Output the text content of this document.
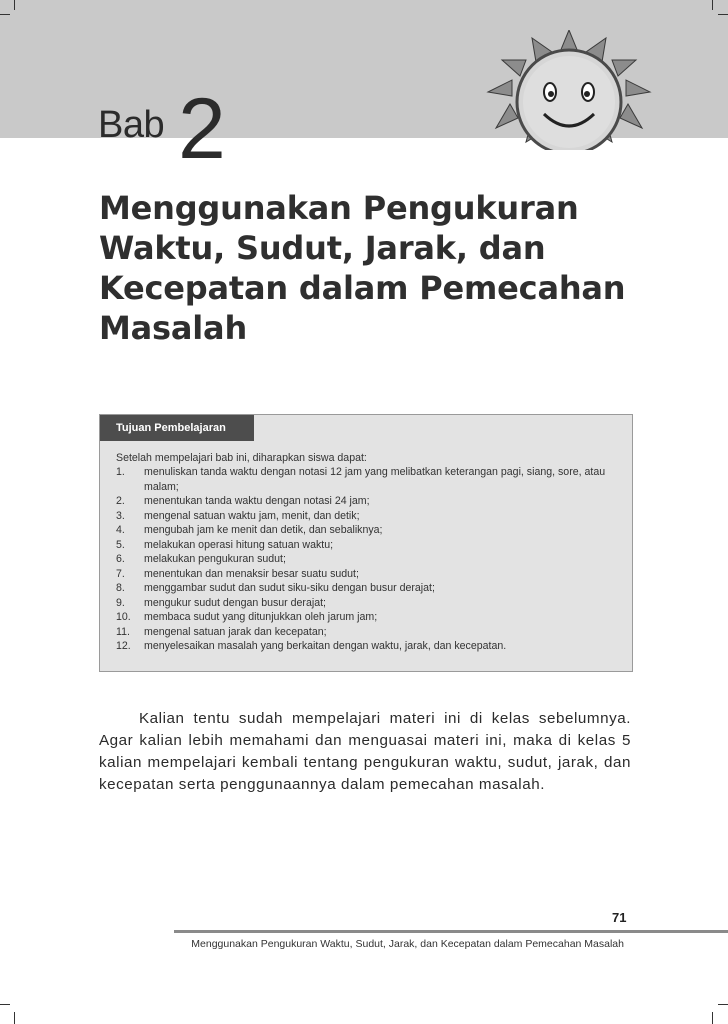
Bab 2
Menggunakan Pengukuran
Waktu, Sudut, Jarak, dan
Kecepatan dalam Pemecahan
Masalah
Tujuan Pembelajaran
Setelah mempelajari bab ini, diharapkan siswa dapat:
1. menuliskan tanda waktu dengan notasi 12 jam yang melibatkan keterangan pagi, siang, sore, atau malam;
2. menentukan tanda waktu dengan notasi 24 jam;
3. mengenal satuan waktu jam, menit, dan detik;
4. mengubah jam ke menit dan detik, dan sebaliknya;
5. melakukan operasi hitung satuan waktu;
6. melakukan pengukuran sudut;
7. menentukan dan menaksir besar suatu sudut;
8. menggambar sudut dan sudut siku-siku dengan busur derajat;
9. mengukur sudut dengan busur derajat;
10. membaca sudut yang ditunjukkan oleh jarum jam;
11. mengenal satuan jarak dan kecepatan;
12. menyelesaikan masalah yang berkaitan dengan waktu, jarak, dan kecepatan.

Kalian tentu sudah mempelajari materi ini di kelas sebelumnya. Agar kalian lebih memahami dan menguasai materi ini, maka di kelas 5 kalian mempelajari kembali tentang pengukuran waktu, sudut, jarak, dan kecepatan serta penggunaannya dalam pemecahan masalah.

71
Menggunakan Pengukuran Waktu, Sudut, Jarak, dan Kecepatan dalam Pemecahan Masalah
